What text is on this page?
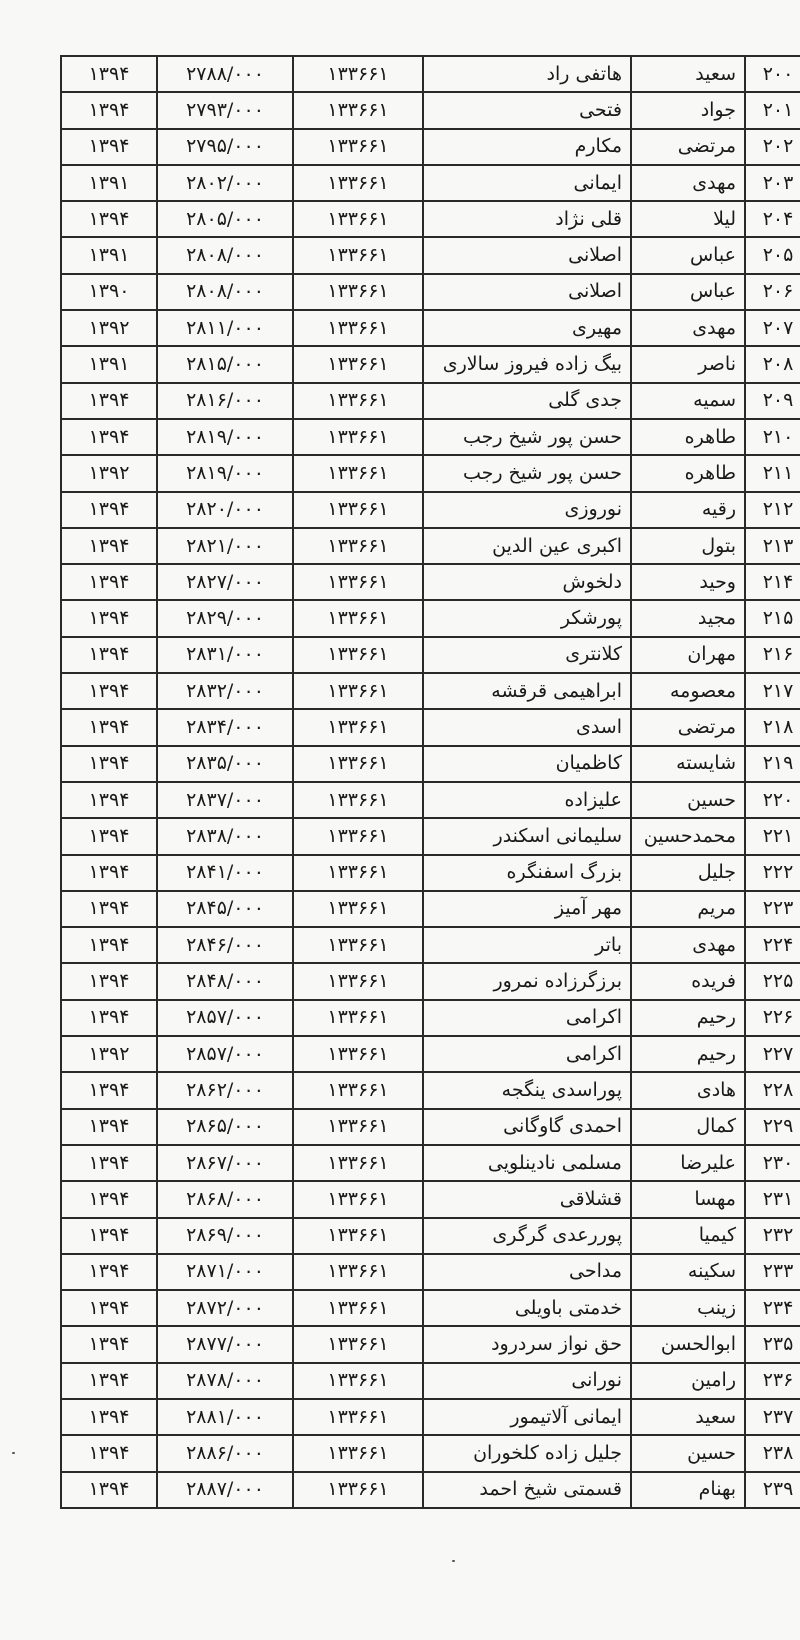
۲۰۰	سعید	هاتفی راد	۱۳۳۶۶۱	۲۷۸۸/۰۰۰	۱۳۹۴
۲۰۱	جواد	فتحی	۱۳۳۶۶۱	۲۷۹۳/۰۰۰	۱۳۹۴
۲۰۲	مرتضی	مکارم	۱۳۳۶۶۱	۲۷۹۵/۰۰۰	۱۳۹۴
۲۰۳	مهدی	ایمانی	۱۳۳۶۶۱	۲۸۰۲/۰۰۰	۱۳۹۱
۲۰۴	لیلا	قلی نژاد	۱۳۳۶۶۱	۲۸۰۵/۰۰۰	۱۳۹۴
۲۰۵	عباس	اصلانی	۱۳۳۶۶۱	۲۸۰۸/۰۰۰	۱۳۹۱
۲۰۶	عباس	اصلانی	۱۳۳۶۶۱	۲۸۰۸/۰۰۰	۱۳۹۰
۲۰۷	مهدی	مهیری	۱۳۳۶۶۱	۲۸۱۱/۰۰۰	۱۳۹۲
۲۰۸	ناصر	بیگ زاده فیروز سالاری	۱۳۳۶۶۱	۲۸۱۵/۰۰۰	۱۳۹۱
۲۰۹	سمیه	جدی گلی	۱۳۳۶۶۱	۲۸۱۶/۰۰۰	۱۳۹۴
۲۱۰	طاهره	حسن پور شیخ رجب	۱۳۳۶۶۱	۲۸۱۹/۰۰۰	۱۳۹۴
۲۱۱	طاهره	حسن پور شیخ رجب	۱۳۳۶۶۱	۲۸۱۹/۰۰۰	۱۳۹۲
۲۱۲	رقیه	نوروزی	۱۳۳۶۶۱	۲۸۲۰/۰۰۰	۱۳۹۴
۲۱۳	بتول	اکبری عین الدین	۱۳۳۶۶۱	۲۸۲۱/۰۰۰	۱۳۹۴
۲۱۴	وحید	دلخوش	۱۳۳۶۶۱	۲۸۲۷/۰۰۰	۱۳۹۴
۲۱۵	مجید	پورشکر	۱۳۳۶۶۱	۲۸۲۹/۰۰۰	۱۳۹۴
۲۱۶	مهران	کلانتری	۱۳۳۶۶۱	۲۸۳۱/۰۰۰	۱۳۹۴
۲۱۷	معصومه	ابراهیمی قرقشه	۱۳۳۶۶۱	۲۸۳۲/۰۰۰	۱۳۹۴
۲۱۸	مرتضی	اسدی	۱۳۳۶۶۱	۲۸۳۴/۰۰۰	۱۳۹۴
۲۱۹	شایسته	کاظمیان	۱۳۳۶۶۱	۲۸۳۵/۰۰۰	۱۳۹۴
۲۲۰	حسین	علیزاده	۱۳۳۶۶۱	۲۸۳۷/۰۰۰	۱۳۹۴
۲۲۱	محمدحسین	سلیمانی اسکندر	۱۳۳۶۶۱	۲۸۳۸/۰۰۰	۱۳۹۴
۲۲۲	جلیل	بزرگ اسفنگره	۱۳۳۶۶۱	۲۸۴۱/۰۰۰	۱۳۹۴
۲۲۳	مریم	مهر آمیز	۱۳۳۶۶۱	۲۸۴۵/۰۰۰	۱۳۹۴
۲۲۴	مهدی	باتر	۱۳۳۶۶۱	۲۸۴۶/۰۰۰	۱۳۹۴
۲۲۵	فریده	برزگرزاده نمرور	۱۳۳۶۶۱	۲۸۴۸/۰۰۰	۱۳۹۴
۲۲۶	رحیم	اکرامی	۱۳۳۶۶۱	۲۸۵۷/۰۰۰	۱۳۹۴
۲۲۷	رحیم	اکرامی	۱۳۳۶۶۱	۲۸۵۷/۰۰۰	۱۳۹۲
۲۲۸	هادی	پوراسدی ینگجه	۱۳۳۶۶۱	۲۸۶۲/۰۰۰	۱۳۹۴
۲۲۹	کمال	احمدی گاوگانی	۱۳۳۶۶۱	۲۸۶۵/۰۰۰	۱۳۹۴
۲۳۰	علیرضا	مسلمی نادینلویی	۱۳۳۶۶۱	۲۸۶۷/۰۰۰	۱۳۹۴
۲۳۱	مهسا	قشلاقی	۱۳۳۶۶۱	۲۸۶۸/۰۰۰	۱۳۹۴
۲۳۲	کیمیا	پوررعدی گرگری	۱۳۳۶۶۱	۲۸۶۹/۰۰۰	۱۳۹۴
۲۳۳	سکینه	مداحی	۱۳۳۶۶۱	۲۸۷۱/۰۰۰	۱۳۹۴
۲۳۴	زینب	خدمتی باویلی	۱۳۳۶۶۱	۲۸۷۲/۰۰۰	۱۳۹۴
۲۳۵	ابوالحسن	حق نواز سردرود	۱۳۳۶۶۱	۲۸۷۷/۰۰۰	۱۳۹۴
۲۳۶	رامین	نورانی	۱۳۳۶۶۱	۲۸۷۸/۰۰۰	۱۳۹۴
۲۳۷	سعید	ایمانی آلاتیمور	۱۳۳۶۶۱	۲۸۸۱/۰۰۰	۱۳۹۴
۲۳۸	حسین	جلیل زاده کلخوران	۱۳۳۶۶۱	۲۸۸۶/۰۰۰	۱۳۹۴
۲۳۹	بهنام	قسمتی شیخ احمد	۱۳۳۶۶۱	۲۸۸۷/۰۰۰	۱۳۹۴
